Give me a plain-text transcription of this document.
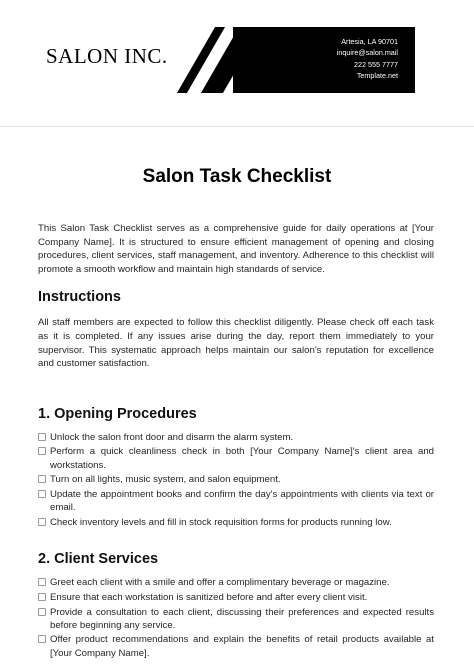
SALON INC.
Artesia, LA 90701
inquire@salon.mail
222 555 7777
Template.net
Salon Task Checklist

This Salon Task Checklist serves as a comprehensive guide for daily operations at [Your Company Name]. It is structured to ensure efficient management of opening and closing procedures, client services, staff management, and inventory. Adherence to this checklist will promote a smooth workflow and maintain high standards of service.

Instructions

All staff members are expected to follow this checklist diligently. Please check off each task as it is completed. If any issues arise during the day, report them immediately to your supervisor. This systematic approach helps maintain our salon's reputation for excellence and customer satisfaction.

1. Opening Procedures
Unlock the salon front door and disarm the alarm system.
Perform a quick cleanliness check in both [Your Company Name]'s client area and workstations.
Turn on all lights, music system, and salon equipment.
Update the appointment books and confirm the day's appointments with clients via text or email.
Check inventory levels and fill in stock requisition forms for products running low.
2. Client Services
Greet each client with a smile and offer a complimentary beverage or magazine.
Ensure that each workstation is sanitized before and after every client visit.
Provide a consultation to each client, discussing their preferences and expected results before beginning any service.
Offer product recommendations and explain the benefits of retail products available at [Your Company Name].
